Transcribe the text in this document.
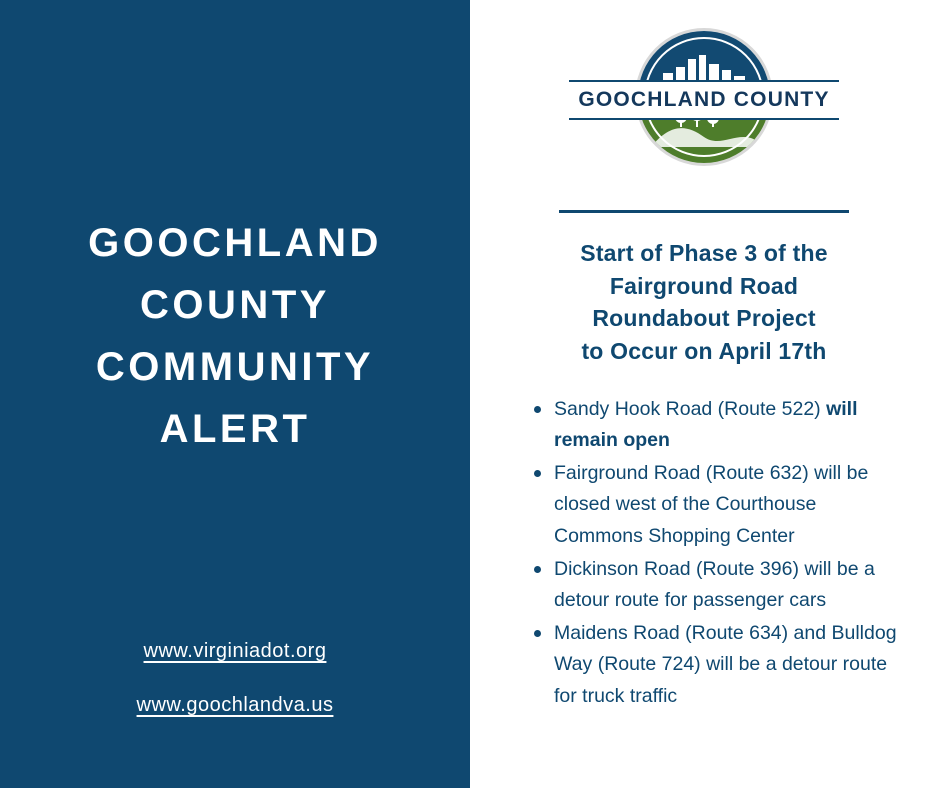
GOOCHLAND
COUNTY
COMMUNITY
ALERT
www.virginiadot.org
www.goochlandva.us
GOOCHLAND COUNTY
Start of Phase 3 of the
Fairground Road
Roundabout Project
to Occur on April 17th
Sandy Hook Road (Route 522) will remain open
Fairground Road (Route 632) will be closed west of the Courthouse Commons Shopping Center
Dickinson Road (Route 396) will be a detour route for passenger cars
Maidens Road (Route 634) and Bulldog Way (Route 724) will be a detour route for truck traffic
